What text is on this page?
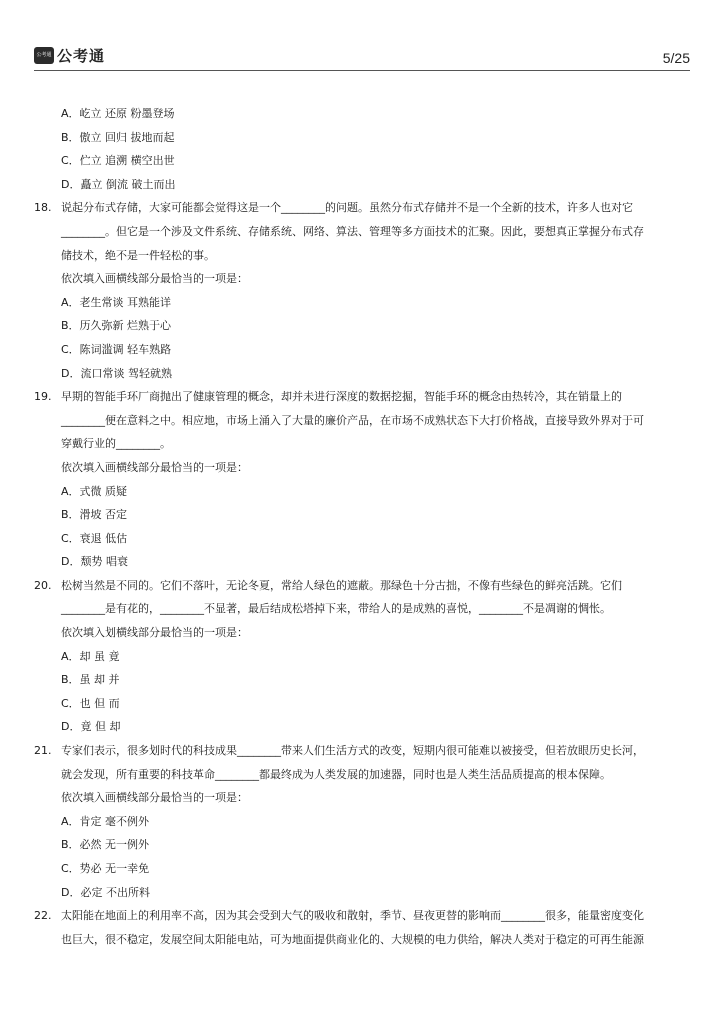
公考通 公考通	5/25
A．屹立 还原 粉墨登场
B．傲立 回归 拔地而起
C．伫立 追溯 横空出世
D．矗立 倒流 破土而出
18. 说起分布式存储，大家可能都会觉得这是一个________的问题。虽然分布式存储并不是一个全新的技术，许多人也对它
________。但它是一个涉及文件系统、存储系统、网络、算法、管理等多方面技术的汇聚。因此，要想真正掌握分布式存
储技术，绝不是一件轻松的事。
依次填入画横线部分最恰当的一项是：
A．老生常谈 耳熟能详
B．历久弥新 烂熟于心
C．陈词滥调 轻车熟路
D．流口常谈 驾轻就熟
19. 早期的智能手环厂商抛出了健康管理的概念，却并未进行深度的数据挖掘，智能手环的概念由热转冷，其在销量上的
________便在意料之中。相应地，市场上涌入了大量的廉价产品，在市场不成熟状态下大打价格战，直接导致外界对于可
穿戴行业的________。
依次填入画横线部分最恰当的一项是：
A．式微 质疑
B．滑坡 否定
C．衰退 低估
D．颓势 唱衰
20. 松树当然是不同的。它们不落叶，无论冬夏，常给人绿色的遮蔽。那绿色十分古拙，不像有些绿色的鲜亮活跳。它们
________是有花的，________不显著，最后结成松塔掉下来，带给人的是成熟的喜悦，________不是凋谢的惆怅。
依次填入划横线部分最恰当的一项是：
A．却 虽 竟
B．虽 却 并
C．也 但 而
D．竟 但 却
21. 专家们表示，很多划时代的科技成果________带来人们生活方式的改变，短期内很可能难以被接受，但若放眼历史长河，
就会发现，所有重要的科技革命________都最终成为人类发展的加速器，同时也是人类生活品质提高的根本保障。
依次填入画横线部分最恰当的一项是：
A．肯定 毫不例外
B．必然 无一例外
C．势必 无一幸免
D．必定 不出所料
22. 太阳能在地面上的利用率不高，因为其会受到大气的吸收和散射，季节、昼夜更替的影响而________很多，能量密度变化
也巨大，很不稳定，发展空间太阳能电站，可为地面提供商业化的、大规模的电力供给，解决人类对于稳定的可再生能源
